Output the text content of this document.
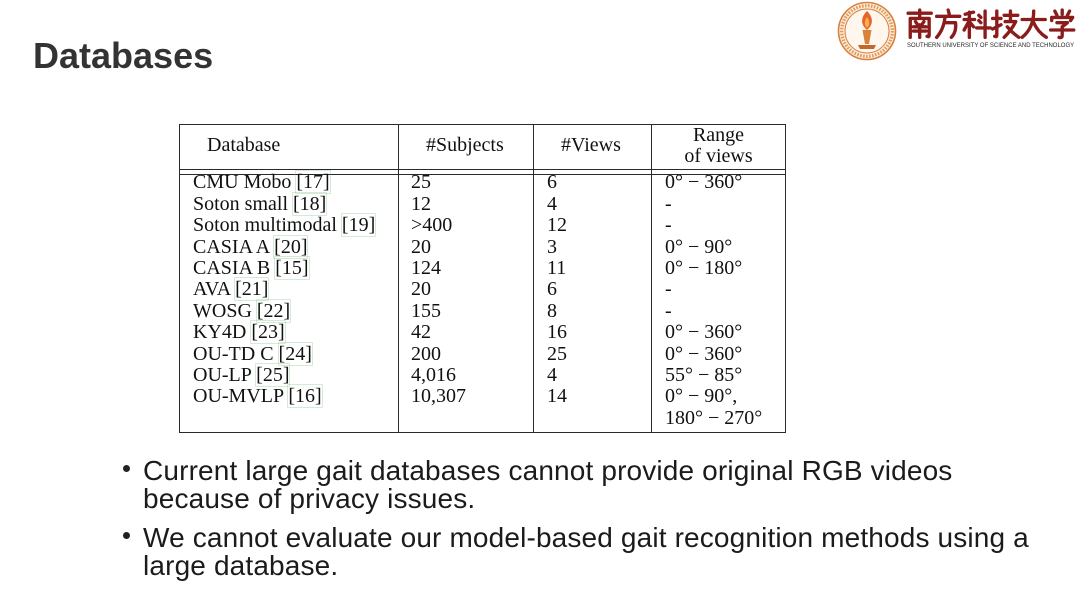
Databases	SOUTHERN UNIVERSITY OF SCIENCE AND TECHNOLOGY
Database	#Subjects	#Views	Range
of views
CMU Mobo [17]	25	6	0° − 360°
Soton small [18]	12	4	-
Soton multimodal [19]	>400	12	-
CASIA A [20]	20	3	0° − 90°
CASIA B [15]	124	11	0° − 180°
AVA [21]	20	6	-
WOSG [22]	155	8	-
KY4D [23]	42	16	0° − 360°
OU-TD C [24]	200	25	0° − 360°
OU-LP [25]	4,016	4	55° − 85°
OU-MVLP [16]	10,307	14	0° − 90°,
180° − 270°
Current large gait databases cannot provide original RGB videos
because of privacy issues.
We cannot evaluate our model-based gait recognition methods using a
large database.
